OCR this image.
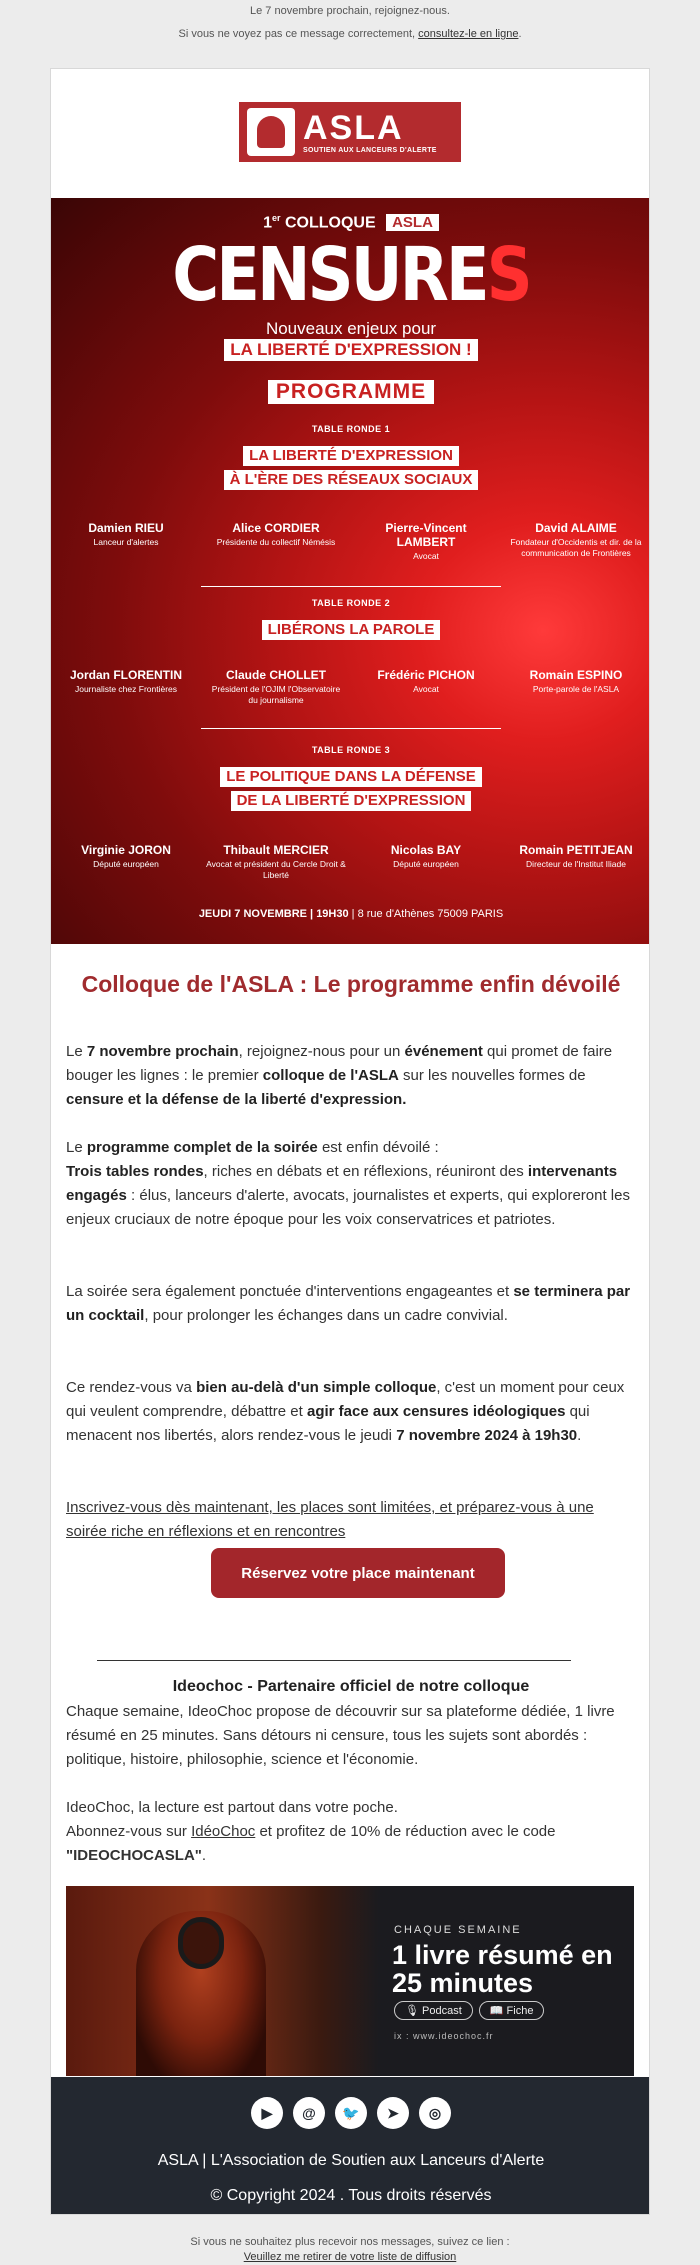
Le 7 novembre prochain, rejoignez-nous.
Si vous ne voyez pas ce message correctement, consultez-le en ligne.
ASLA
SOUTIEN AUX LANCEURS D'ALERTE
1er COLLOQUE ASLA
CENSURES
Nouveaux enjeux pour
LA LIBERTÉ D'EXPRESSION !
PROGRAMME
TABLE RONDE 1
LA LIBERTÉ D'EXPRESSION
À L'ÈRE DES RÉSEAUX SOCIAUX
Damien RIEU
Lanceur d'alertes
Alice CORDIER
Présidente du collectif Némésis
Pierre-Vincent LAMBERT
Avocat
David ALAIME
Fondateur d'Occidentis et dir. de la communication de Frontières
TABLE RONDE 2
LIBÉRONS LA PAROLE
Jordan FLORENTIN
Journaliste chez Frontières
Claude CHOLLET
Président de l'OJIM l'Observatoire du journalisme
Frédéric PICHON
Avocat
Romain ESPINO
Porte-parole de l'ASLA
TABLE RONDE 3
LE POLITIQUE DANS LA DÉFENSE
DE LA LIBERTÉ D'EXPRESSION
Virginie JORON
Député européen
Thibault MERCIER
Avocat et président du Cercle Droit & Liberté
Nicolas BAY
Député européen
Romain PETITJEAN
Directeur de l'Institut Iliade
JEUDI 7 NOVEMBRE | 19H30 | 8 rue d'Athènes 75009 PARIS
Colloque de l'ASLA : Le programme enfin dévoilé

Le 7 novembre prochain, rejoignez-nous pour un événement qui promet de faire bouger les lignes : le premier colloque de l'ASLA sur les nouvelles formes de censure et la défense de la liberté d'expression.

Le programme complet de la soirée est enfin dévoilé :
Trois tables rondes, riches en débats et en réflexions, réuniront des intervenants engagés : élus, lanceurs d'alerte, avocats, journalistes et experts, qui exploreront les enjeux cruciaux de notre époque pour les voix conservatrices et patriotes.

La soirée sera également ponctuée d'interventions engageantes et se terminera par un cocktail, pour prolonger les échanges dans un cadre convivial.

Ce rendez-vous va bien au-delà d'un simple colloque, c'est un moment pour ceux qui veulent comprendre, débattre et agir face aux censures idéologiques qui menacent nos libertés, alors rendez-vous le jeudi 7 novembre 2024 à 19h30.

Inscrivez-vous dès maintenant, les places sont limitées, et préparez-vous à une soirée riche en réflexions et en rencontres

Réservez votre place maintenant
Ideochoc - Partenaire officiel de notre colloque

Chaque semaine, IdeoChoc propose de découvrir sur sa plateforme dédiée, 1 livre résumé en 25 minutes. Sans détours ni censure, tous les sujets sont abordés : politique, histoire, philosophie, science et l'économie.

IdeoChoc, la lecture est partout dans votre poche.
Abonnez-vous sur IdéoChoc et profitez de 10% de réduction avec le code "IDEOCHOCASLA".

CHAQUE SEMAINE
1 livre résumé en 25 minutes
🎙 Podcast	📖 Fiche
ix : www.ideochoc.fr
▶	@	🐦	➤	◎
ASLA | L'Association de Soutien aux Lanceurs d'Alerte
© Copyright 2024 . Tous droits réservés
Si vous ne souhaitez plus recevoir nos messages, suivez ce lien :
Veuillez me retirer de votre liste de diffusion
